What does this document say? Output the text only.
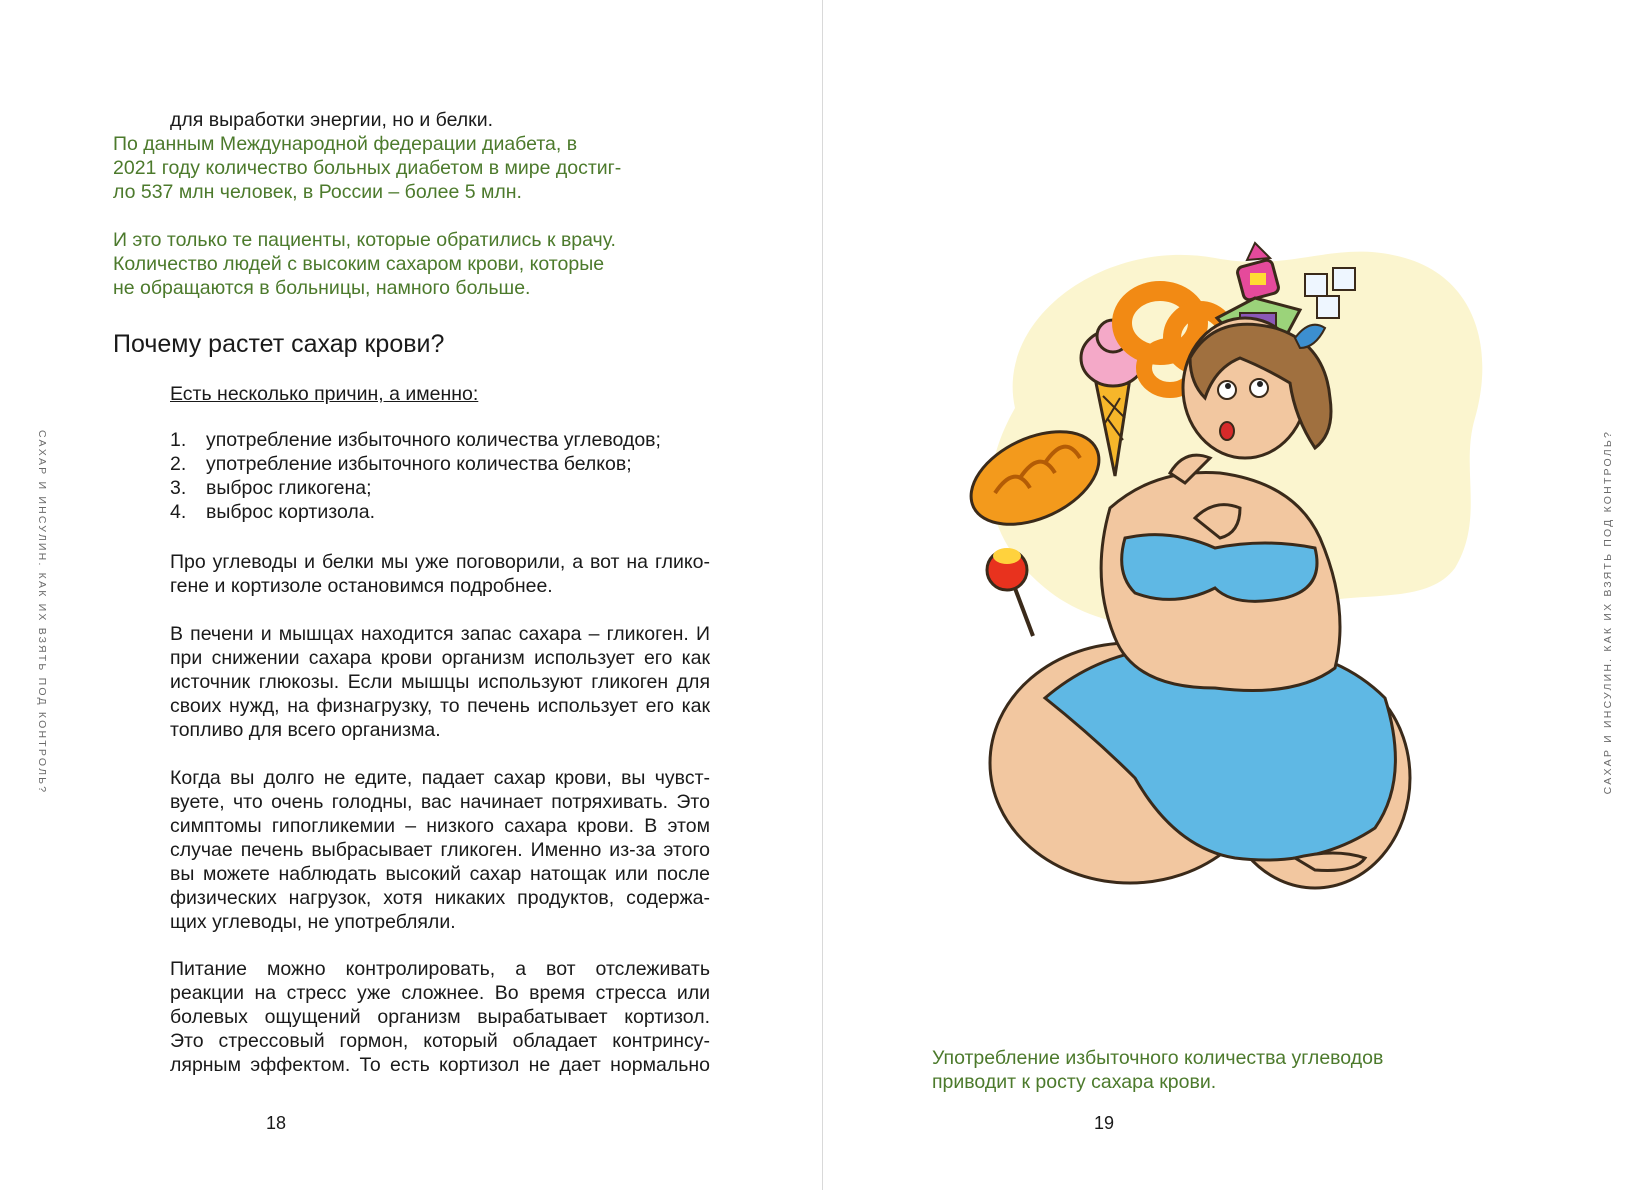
САХАР И ИНСУЛИН. КАК ИХ ВЗЯТЬ ПОД КОНТРОЛЬ?

для выработки энергии, но и белки.

По данным Международной федерации диабета, в
2021 году количество больных диабетом в мире достиг-
ло 537 млн человек, в России – более 5 млн.

И это только те пациенты, которые обратились к врачу.
Количество людей с высоким сахаром крови, которые
не обращаются в больницы, намного больше.

Почему растет сахар крови?

Есть несколько причин, а именно:

1.	употребление избыточного количества углеводов;
2.	употребление избыточного количества белков;
3.	выброс гликогена;
4.	выброс кортизола.

Про углеводы и белки мы уже поговорили, а вот на глико-
гене и кортизоле остановимся подробнее.

В печени и мышцах находится запас сахара – гликоген. И
при снижении сахара крови организм использует его как
источник глюкозы. Если мышцы используют гликоген для
своих нужд, на физнагрузку, то печень использует его как
топливо для всего организма.

Когда вы долго не едите, падает сахар крови, вы чувст-
вуете, что очень голодны, вас начинает потряхивать. Это
симптомы гипогликемии – низкого сахара крови. В этом
случае печень выбрасывает гликоген. Именно из-за этого
вы можете наблюдать высокий сахар натощак или после
физических нагрузок, хотя никаких продуктов, содержа-
щих углеводы, не употребляли.

Питание можно контролировать, а вот отслеживать
реакции на стресс уже сложнее. Во время стресса или
болевых ощущений организм вырабатывает кортизол.
Это стрессовый гормон, который обладает контринсу-
лярным эффектом. То есть кортизол не дает нормально

18
САХАР И ИНСУЛИН. КАК ИХ ВЗЯТЬ ПОД КОНТРОЛЬ?

Употребление избыточного количества углеводов
приводит к росту сахара крови.

19
